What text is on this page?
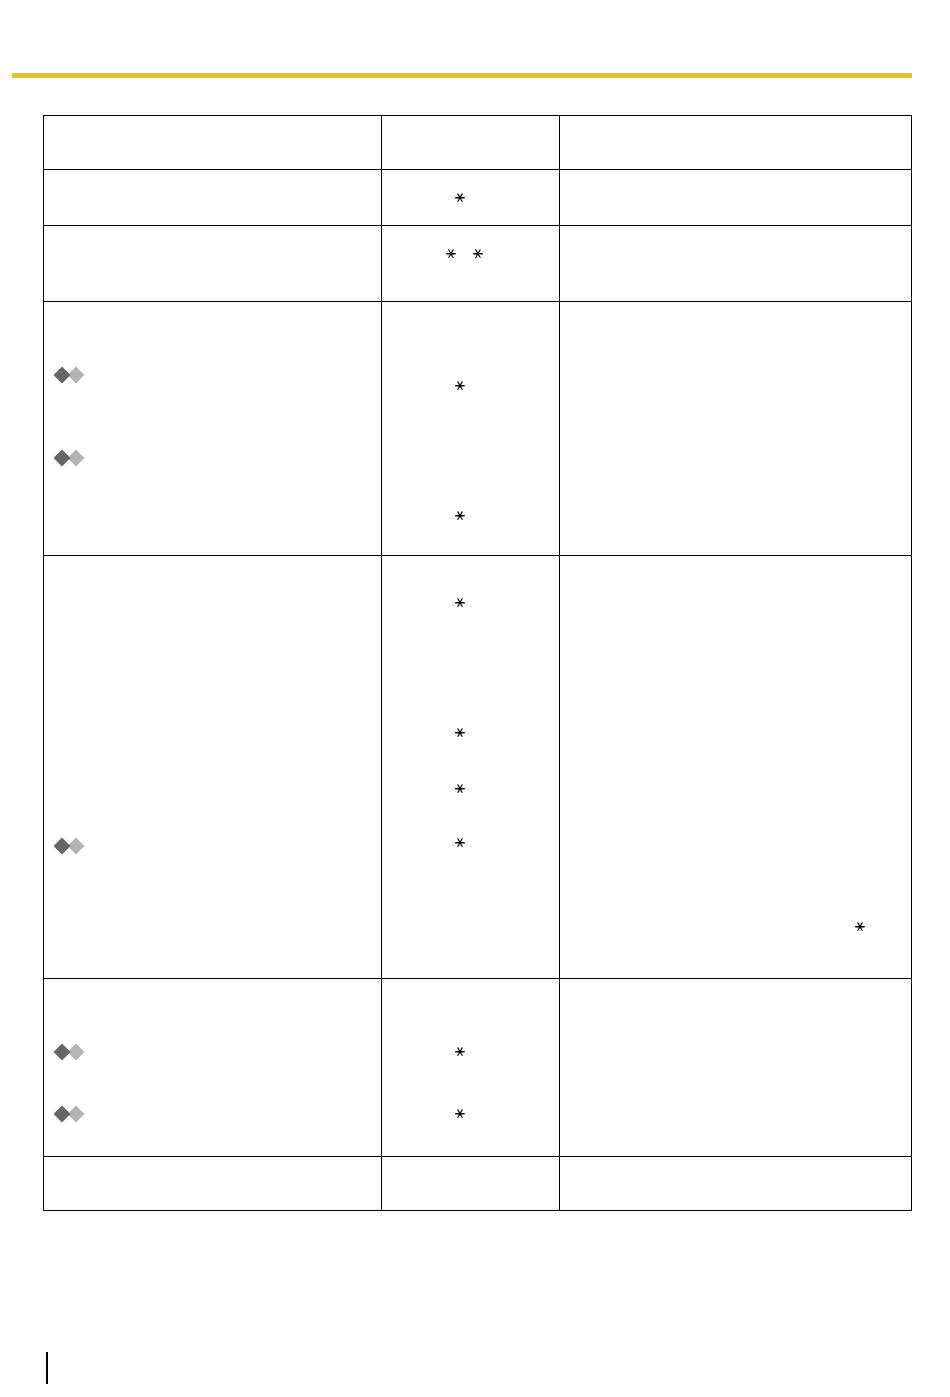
⚹
⚹ ⚹
⚹
⚹
⚹
⚹
⚹
⚹
⚹
⚹
⚹
